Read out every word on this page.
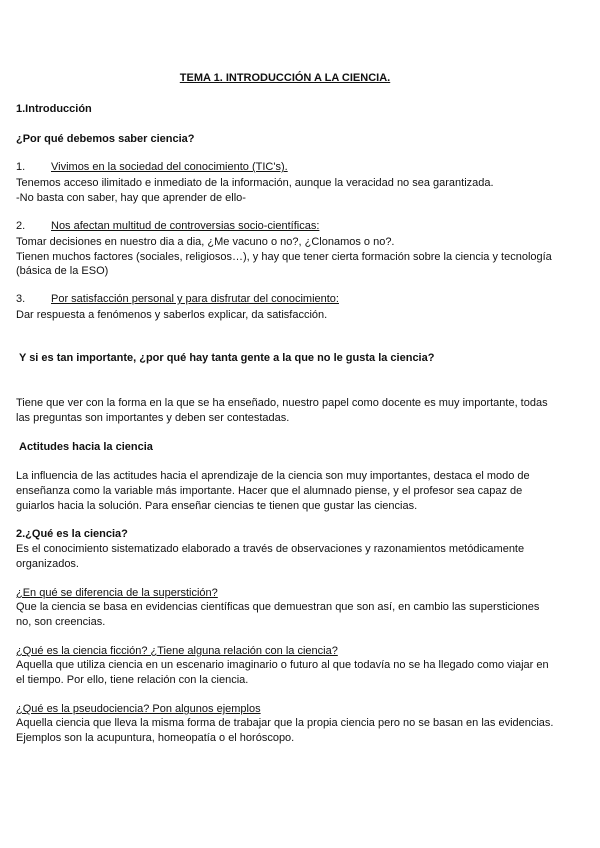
TEMA 1. INTRODUCCIÓN A LA CIENCIA.
1.Introducción
¿Por qué debemos saber ciencia?
1. Vivimos en la sociedad del conocimiento (TIC's).
Tenemos acceso ilimitado e inmediato de la información, aunque la veracidad no sea garantizada.
-No basta con saber, hay que aprender de ello-
2. Nos afectan multitud de controversias socio-científicas:
Tomar decisiones en nuestro dia a dia, ¿Me vacuno o no?, ¿Clonamos o no?.
Tienen muchos factores (sociales, religiosos…), y hay que tener cierta formación sobre la ciencia y tecnología
(básica de la ESO)
3. Por satisfacción personal y para disfrutar del conocimiento:
Dar respuesta a fenómenos y saberlos explicar, da satisfacción.
Y si es tan importante, ¿por qué hay tanta gente a la que no le gusta la ciencia?
Tiene que ver con la forma en la que se ha enseñado, nuestro papel como docente es muy importante, todas
las preguntas son importantes y deben ser contestadas.
Actitudes hacia la ciencia
La influencia de las actitudes hacia el aprendizaje de la ciencia son muy importantes, destaca el modo de
enseñanza como la variable más importante. Hacer que el alumnado piense, y el profesor sea capaz de
guiarlos hacia la solución. Para enseñar ciencias te tienen que gustar las ciencias.
2.¿Qué es la ciencia?
Es el conocimiento sistematizado elaborado a través de observaciones y razonamientos metódicamente
organizados.
¿En qué se diferencia de la superstición?
Que la ciencia se basa en evidencias científicas que demuestran que son así, en cambio las supersticiones
no, son creencias.
¿Qué es la ciencia ficción? ¿Tiene alguna relación con la ciencia?
Aquella que utiliza ciencia en un escenario imaginario o futuro al que todavía no se ha llegado como viajar en
el tiempo. Por ello, tiene relación con la ciencia.
¿Qué es la pseudociencia? Pon algunos ejemplos
Aquella ciencia que lleva la misma forma de trabajar que la propia ciencia pero no se basan en las evidencias.
Ejemplos son la acupuntura, homeopatía o el horóscopo.
